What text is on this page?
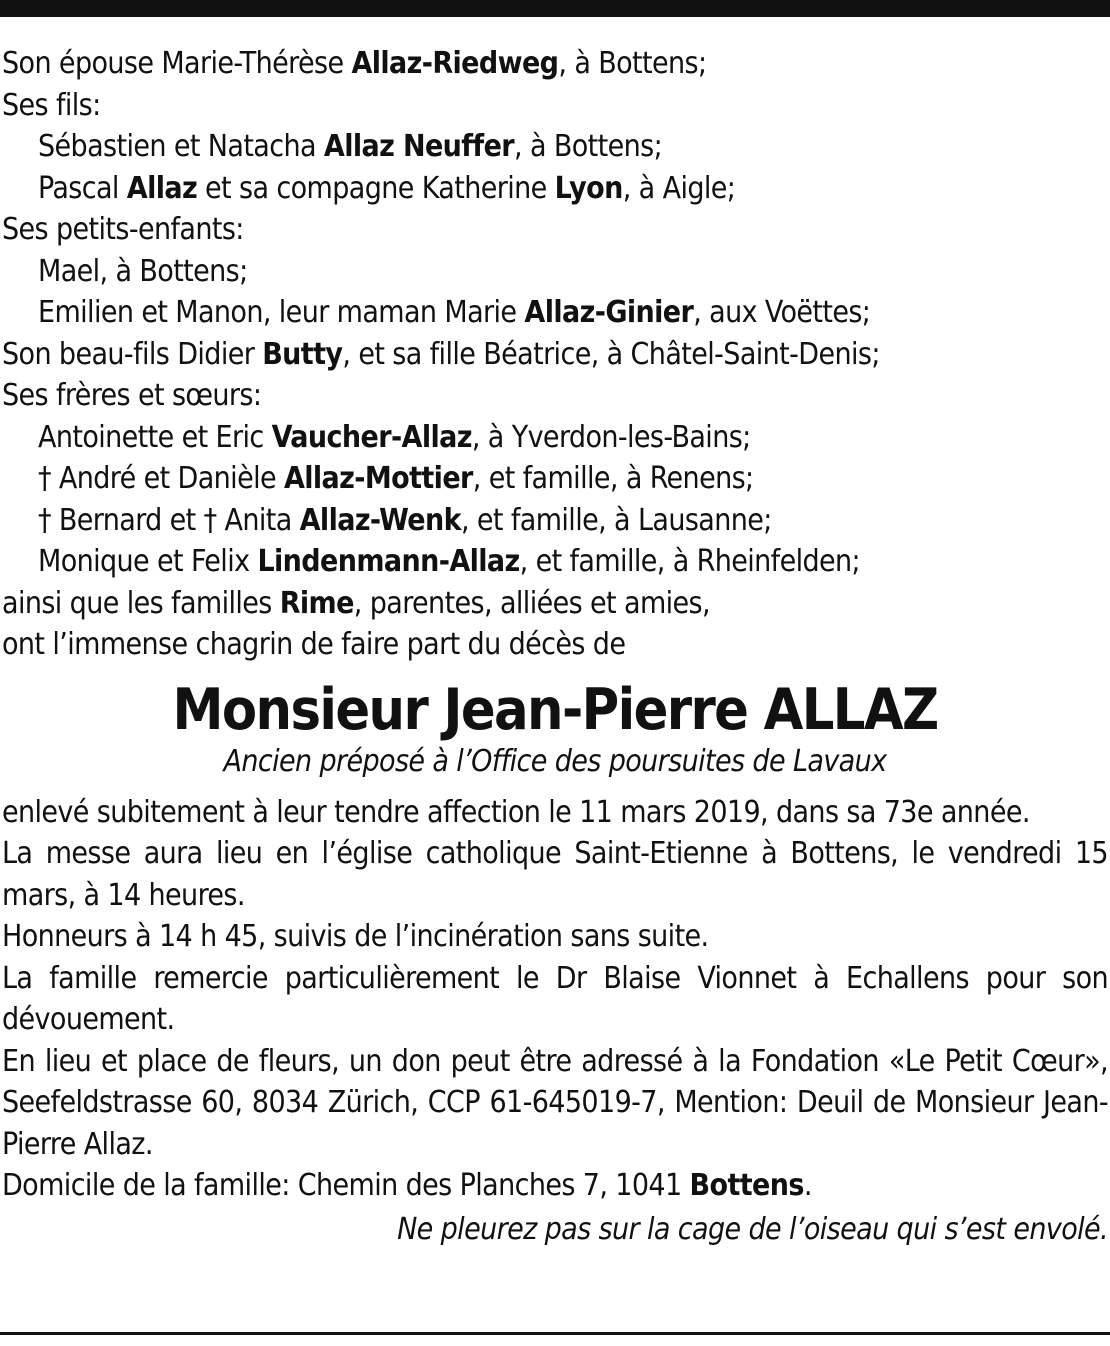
Son épouse Marie-Thérèse Allaz-Riedweg, à Bottens;
Ses fils:
Sébastien et Natacha Allaz Neuffer, à Bottens;
Pascal Allaz et sa compagne Katherine Lyon, à Aigle;
Ses petits-enfants:
Mael, à Bottens;
Emilien et Manon, leur maman Marie Allaz-Ginier, aux Voëttes;
Son beau-fils Didier Butty, et sa fille Béatrice, à Châtel-Saint-Denis;
Ses frères et sœurs:
Antoinette et Eric Vaucher-Allaz, à Yverdon-les-Bains;
† André et Danièle Allaz-Mottier, et famille, à Renens;
† Bernard et † Anita Allaz-Wenk, et famille, à Lausanne;
Monique et Felix Lindenmann-Allaz, et famille, à Rheinfelden;
ainsi que les familles Rime, parentes, alliées et amies,
ont l’immense chagrin de faire part du décès de
Monsieur Jean-Pierre ALLAZ
Ancien préposé à l’Office des poursuites de Lavaux
enlevé subitement à leur tendre affection le 11 mars 2019, dans sa 73e année.
La messe aura lieu en l’église catholique Saint-Etienne à Bottens, le vendredi 15 mars, à 14 heures.
Honneurs à 14 h 45, suivis de l’incinération sans suite.
La famille remercie particulièrement le Dr Blaise Vionnet à Echallens pour son dévouement.
En lieu et place de fleurs, un don peut être adressé à la Fondation «Le Petit Cœur», Seefeldstrasse 60, 8034 Zürich, CCP 61-645019-7, Mention: Deuil de Monsieur Jean-Pierre Allaz.
Domicile de la famille: Chemin des Planches 7, 1041 Bottens.
Ne pleurez pas sur la cage de l’oiseau qui s’est envolé.
